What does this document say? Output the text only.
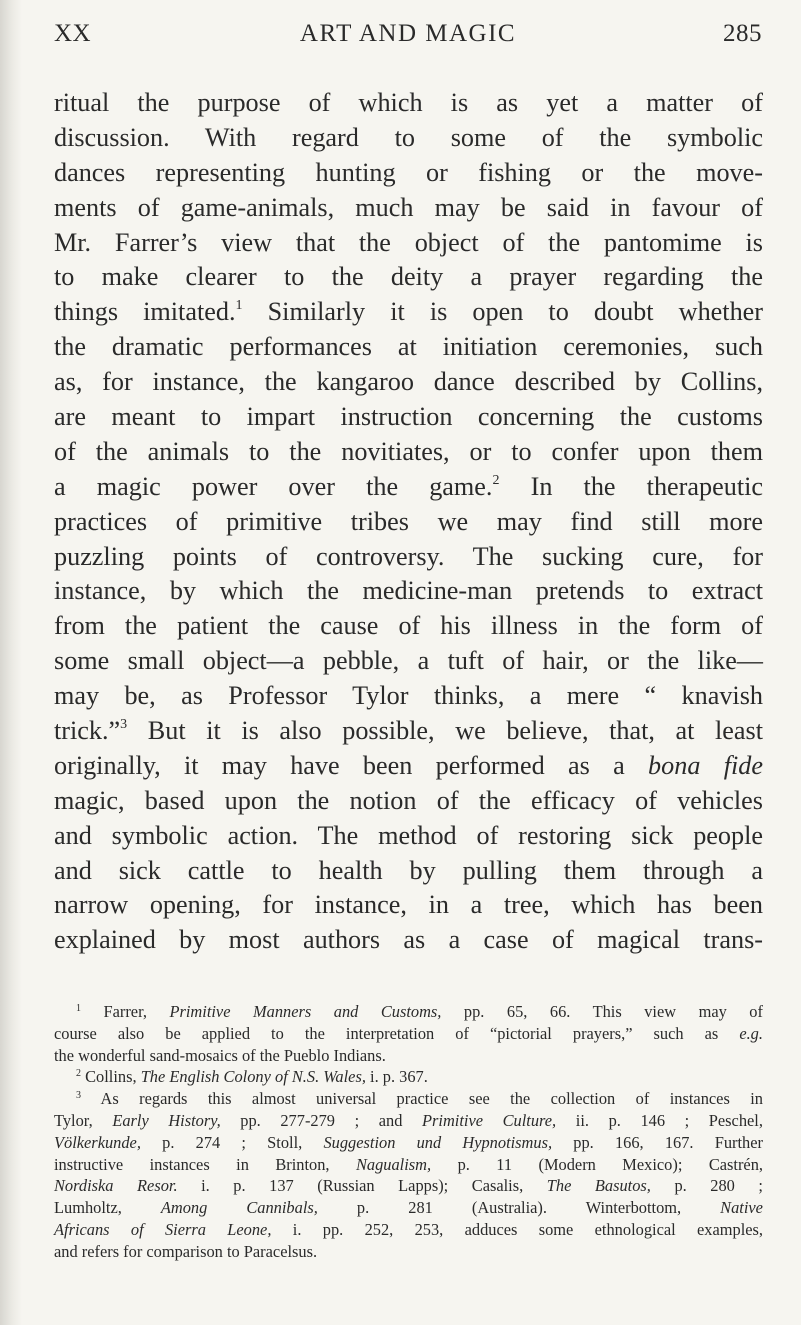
XX	ART AND MAGIC	285
ritual the purpose of which is as yet a matter of
discussion. With regard to some of the symbolic
dances representing hunting or fishing or the move-
ments of game-animals, much may be said in favour of
Mr. Farrer’s view that the object of the pantomime is
to make clearer to the deity a prayer regarding the
things imitated.$^1$ Similarly it is open to doubt whether
the dramatic performances at initiation ceremonies, such
as, for instance, the kangaroo dance described by Collins,
are meant to impart instruction concerning the customs
of the animals to the novitiates, or to confer upon them
a magic power over the game.$^2$ In the therapeutic
practices of primitive tribes we may find still more
puzzling points of controversy. The sucking cure, for
instance, by which the medicine-man pretends to extract
from the patient the cause of his illness in the form of
some small object—a pebble, a tuft of hair, or the like—
may be, as Professor Tylor thinks, a mere “ knavish
trick.”$^3$ But it is also possible, we believe, that, at least
originally, it may have been performed as a bona fide
magic, based upon the notion of the efficacy of vehicles
and symbolic action. The method of restoring sick people
and sick cattle to health by pulling them through a
narrow opening, for instance, in a tree, which has been
explained by most authors as a case of magical trans-
$^1$ Farrer, Primitive Manners and Customs, pp. 65, 66. This view may of
course also be applied to the interpretation of “pictorial prayers,” such as e.g.
the wonderful sand-mosaics of the Pueblo Indians.
$^2$ Collins, The English Colony of N.S. Wales, i. p. 367.
$^3$ As regards this almost universal practice see the collection of instances in
Tylor, Early History, pp. 277-279 ; and Primitive Culture, ii. p. 146 ; Peschel,
Völkerkunde, p. 274 ; Stoll, Suggestion und Hypnotismus, pp. 166, 167. Further
instructive instances in Brinton, Nagualism, p. 11 (Modern Mexico); Castrén,
Nordiska Resor. i. p. 137 (Russian Lapps); Casalis, The Basutos, p. 280 ;
Lumholtz, Among Cannibals, p. 281 (Australia). Winterbottom, Native
Africans of Sierra Leone, i. pp. 252, 253, adduces some ethnological examples,
and refers for comparison to Paracelsus.
